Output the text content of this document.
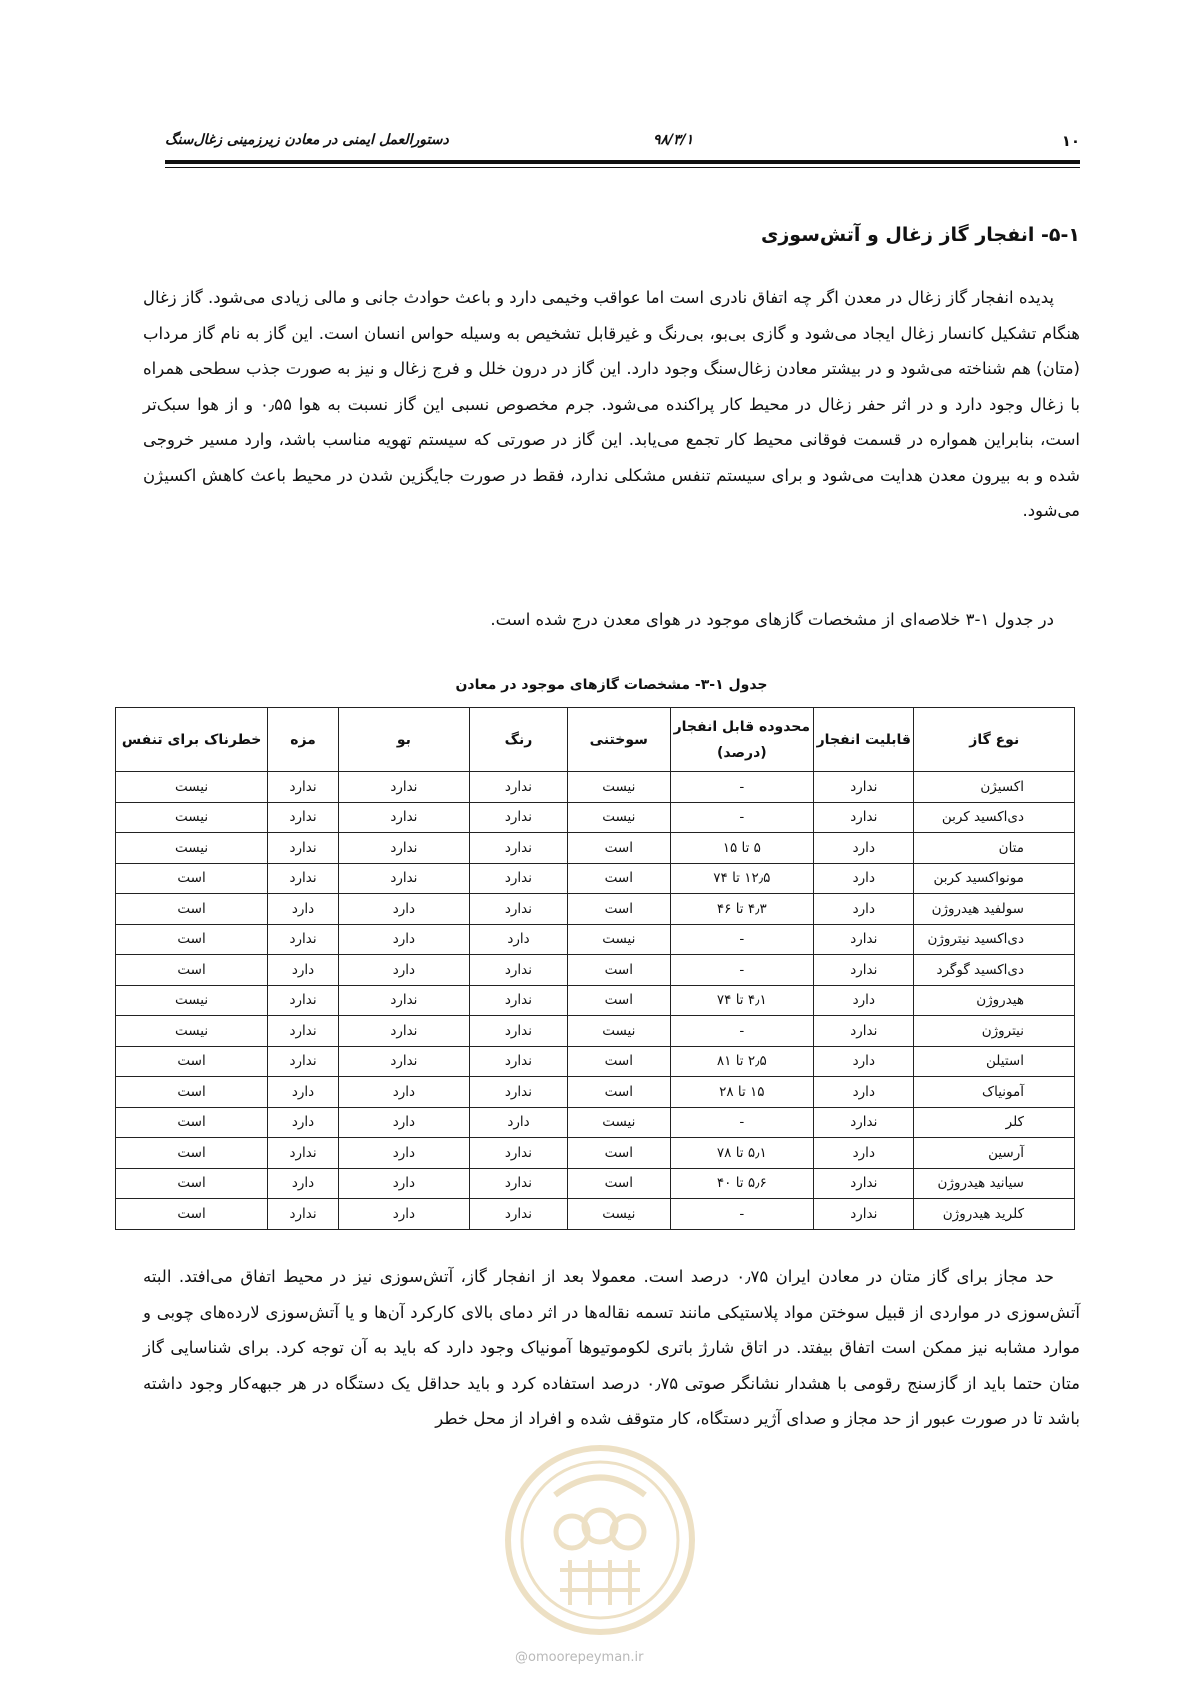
۱۰
۹۸/۳/۱
دستورالعمل ایمنی در معادن زیرزمینی زغال‌سنگ
۵-۱- انفجار گاز زغال و آتش‌سوزی

پدیده انفجار گاز زغال در معدن اگر چه اتفاق نادری است اما عواقب وخیمی دارد و باعث حوادث جانی و مالی زیادی می‌شود. گاز زغال هنگام تشکیل کانسار زغال ایجاد می‌شود و گازی بی‌بو، بی‌رنگ و غیرقابل تشخیص به وسیله حواس انسان است. این گاز به نام گاز مرداب (متان) هم شناخته می‌شود و در بیشتر معادن زغال‌سنگ وجود دارد. این گاز در درون خلل و فرج زغال و نیز به صورت جذب سطحی همراه با زغال وجود دارد و در اثر حفر زغال در محیط کار پراکنده می‌شود. جرم مخصوص نسبی این گاز نسبت به هوا ۰٫۵۵ و از هوا سبک‌تر است، بنابراین همواره در قسمت فوقانی محیط کار تجمع می‌یابد. این گاز در صورتی که سیستم تهویه مناسب باشد، وارد مسیر خروجی شده و به بیرون معدن هدایت می‌شود و برای سیستم تنفس مشکلی ندارد، فقط در صورت جایگزین شدن در محیط باعث کاهش اکسیژن می‌شود.

در جدول ۱-۳ خلاصه‌ای از مشخصات گازهای موجود در هوای معدن درج شده است.

جدول ۱-۳- مشخصات گازهای موجود در معادن

نوع گاز	قابلیت انفجار	محدوده قابل انفجار (درصد)	سوختنی	رنگ	بو	مزه	خطرناک برای تنفس
اکسیژن	ندارد	-	نیست	ندارد	ندارد	ندارد	نیست
دی‌اکسید کربن	ندارد	-	نیست	ندارد	ندارد	ندارد	نیست
متان	دارد	۵ تا ۱۵	است	ندارد	ندارد	ندارد	نیست
مونواکسید کربن	دارد	۱۲٫۵ تا ۷۴	است	ندارد	ندارد	ندارد	است
سولفید هیدروژن	دارد	۴٫۳ تا ۴۶	است	ندارد	دارد	دارد	است
دی‌اکسید نیتروژن	ندارد	-	نیست	دارد	دارد	ندارد	است
دی‌اکسید گوگرد	ندارد	-	است	ندارد	دارد	دارد	است
هیدروژن	دارد	۴٫۱ تا ۷۴	است	ندارد	ندارد	ندارد	نیست
نیتروژن	ندارد	-	نیست	ندارد	ندارد	ندارد	نیست
استیلن	دارد	۲٫۵ تا ۸۱	است	ندارد	ندارد	ندارد	است
آمونیاک	دارد	۱۵ تا ۲۸	است	ندارد	دارد	دارد	است
کلر	ندارد	-	نیست	دارد	دارد	دارد	است
آرسین	دارد	۵٫۱ تا ۷۸	است	ندارد	دارد	ندارد	است
سیانید هیدروژن	ندارد	۵٫۶ تا ۴۰	است	ندارد	دارد	دارد	است
کلرید هیدروژن	ندارد	-	نیست	ندارد	دارد	ندارد	است

حد مجاز برای گاز متان در معادن ایران ۰٫۷۵ درصد است. معمولا بعد از انفجار گاز، آتش‌سوزی نیز در محیط اتفاق می‌افتد. البته آتش‌سوزی در مواردی از قبیل سوختن مواد پلاستیکی مانند تسمه نقاله‌ها در اثر دمای بالای کارکرد آن‌ها و یا آتش‌سوزی لارده‌های چوبی و موارد مشابه نیز ممکن است اتفاق بیفتد. در اتاق شارژ باتری لکوموتیوها آمونیاک وجود دارد که باید به آن توجه کرد. برای شناسایی گاز متان حتما باید از گازسنج رقومی با هشدار نشانگر صوتی ۰٫۷۵ درصد استفاده کرد و باید حداقل یک دستگاه در هر جبهه‌کار وجود داشته باشد تا در صورت عبور از حد مجاز و صدای آژیر دستگاه، کار متوقف شده و افراد از محل خطر

@omoorepeyman.ir
